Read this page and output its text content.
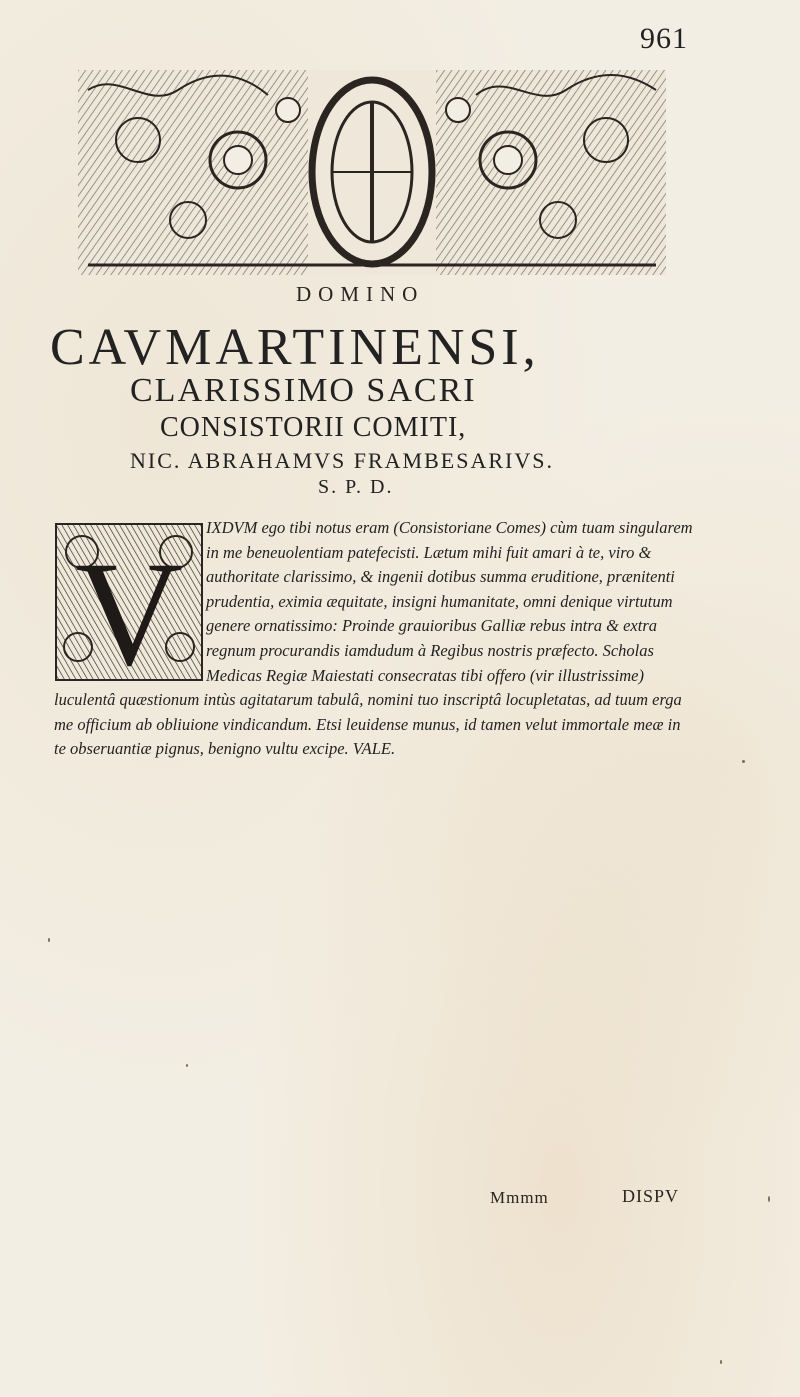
961
DOMINO
CAVMARTINENSI,
CLARISSIMO SACRI
CONSISTORII COMITI,
NIC. ABRAHAMVS FRAMBESARIVS.
S. P. D.
V
IXDVM ego tibi notus eram (Consistoriane Comes) cùm tuam singularem in me beneuolentiam patefecisti. Lætum mihi fuit amari à te, viro & authoritate clarissimo, & ingenii dotibus summa eruditione, prænitenti prudentia, eximia æquitate, insigni humanitate, omni denique virtutum genere ornatissimo: Proinde grauioribus Galliæ rebus intra & extra regnum procurandis iamdudum à Regibus nostris præfecto. Scholas Medicas Regiæ Maiestati consecratas tibi offero (vir illustrissime) luculentâ quæstionum intùs agitatarum tabulâ, nomini tuo inscriptâ locupletatas, ad tuum erga me officium ab obliuione vindicandum. Etsi leuidense munus, id tamen velut immortale meæ in te obseruantiæ pignus, benigno vultu excipe. VALE.
Mmmm	DISPV
